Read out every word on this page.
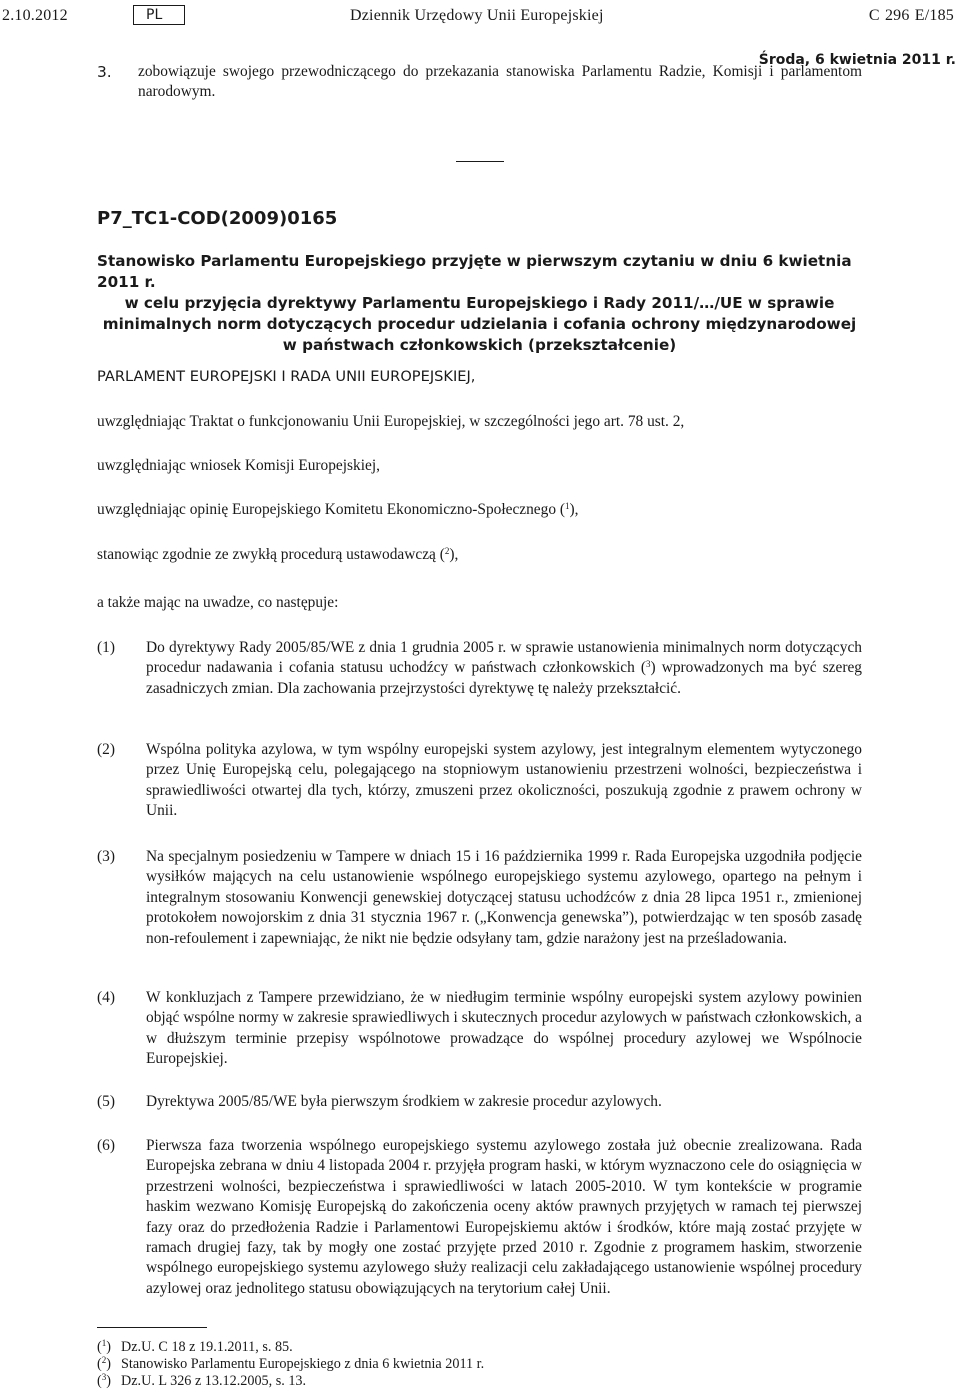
2.10.2012	PL	Dziennik Urzędowy Unii Europejskiej	C 296 E/185
Środa, 6 kwietnia 2011 r.
3. zobowiązuje swojego przewodniczącego do przekazania stanowiska Parlamentu Radzie, Komisji i parlamentom narodowym.
P7_TC1-COD(2009)0165
Stanowisko Parlamentu Europejskiego przyjęte w pierwszym czytaniu w dniu 6 kwietnia 2011 r.
w celu przyjęcia dyrektywy Parlamentu Europejskiego i Rady 2011/…/UE w sprawie minimalnych norm dotyczących procedur udzielania i cofania ochrony międzynarodowej w państwach członkowskich (przekształcenie)
PARLAMENT EUROPEJSKI I RADA UNII EUROPEJSKIEJ,
uwzględniając Traktat o funkcjonowaniu Unii Europejskiej, w szczególności jego art. 78 ust. 2,
uwzględniając wniosek Komisji Europejskiej,
uwzględniając opinię Europejskiego Komitetu Ekonomiczno-Społecznego ($^1$),
stanowiąc zgodnie ze zwykłą procedurą ustawodawczą ($^2$),
a także mając na uwadze, co następuje:
(1) Do dyrektywy Rady 2005/85/WE z dnia 1 grudnia 2005 r. w sprawie ustanowienia minimalnych norm dotyczących procedur nadawania i cofania statusu uchodźcy w państwach członkowskich ($^3$) wprowadzonych ma być szereg zasadniczych zmian. Dla zachowania przejrzystości dyrektywę tę należy przekształcić.
(2) Wspólna polityka azylowa, w tym wspólny europejski system azylowy, jest integralnym elementem wytyczonego przez Unię Europejską celu, polegającego na stopniowym ustanowieniu przestrzeni wolności, bezpieczeństwa i sprawiedliwości otwartej dla tych, którzy, zmuszeni przez okoliczności, poszukują zgodnie z prawem ochrony w Unii.
(3) Na specjalnym posiedzeniu w Tampere w dniach 15 i 16 października 1999 r. Rada Europejska uzgodniła podjęcie wysiłków mających na celu ustanowienie wspólnego europejskiego systemu azylowego, opartego na pełnym i integralnym stosowaniu Konwencji genewskiej dotyczącej statusu uchodźców z dnia 28 lipca 1951 r., zmienionej protokołem nowojorskim z dnia 31 stycznia 1967 r. („Konwencja genewska”), potwierdzając w ten sposób zasadę non-refoulement i zapewniając, że nikt nie będzie odsyłany tam, gdzie narażony jest na prześladowania.
(4) W konkluzjach z Tampere przewidziano, że w niedługim terminie wspólny europejski system azylowy powinien objąć wspólne normy w zakresie sprawiedliwych i skutecznych procedur azylowych w państwach członkowskich, a w dłuższym terminie przepisy wspólnotowe prowadzące do wspólnej procedury azylowej we Wspólnocie Europejskiej.
(5) Dyrektywa 2005/85/WE była pierwszym środkiem w zakresie procedur azylowych.
(6) Pierwsza faza tworzenia wspólnego europejskiego systemu azylowego została już obecnie zrealizowana. Rada Europejska zebrana w dniu 4 listopada 2004 r. przyjęła program haski, w którym wyznaczono cele do osiągnięcia w przestrzeni wolności, bezpieczeństwa i sprawiedliwości w latach 2005-2010. W tym kontekście w programie haskim wezwano Komisję Europejską do zakończenia oceny aktów prawnych przyjętych w ramach tej pierwszej fazy oraz do przedłożenia Radzie i Parlamentowi Europejskiemu aktów i środków, które mają zostać przyjęte w ramach drugiej fazy, tak by mogły one zostać przyjęte przed 2010 r. Zgodnie z programem haskim, stworzenie wspólnego europejskiego systemu azylowego służy realizacji celu zakładającego ustanowienie wspólnej procedury azylowej oraz jednolitego statusu obowiązujących na terytorium całej Unii.
($^1$) Dz.U. C 18 z 19.1.2011, s. 85.
($^2$) Stanowisko Parlamentu Europejskiego z dnia 6 kwietnia 2011 r.
($^3$) Dz.U. L 326 z 13.12.2005, s. 13.
